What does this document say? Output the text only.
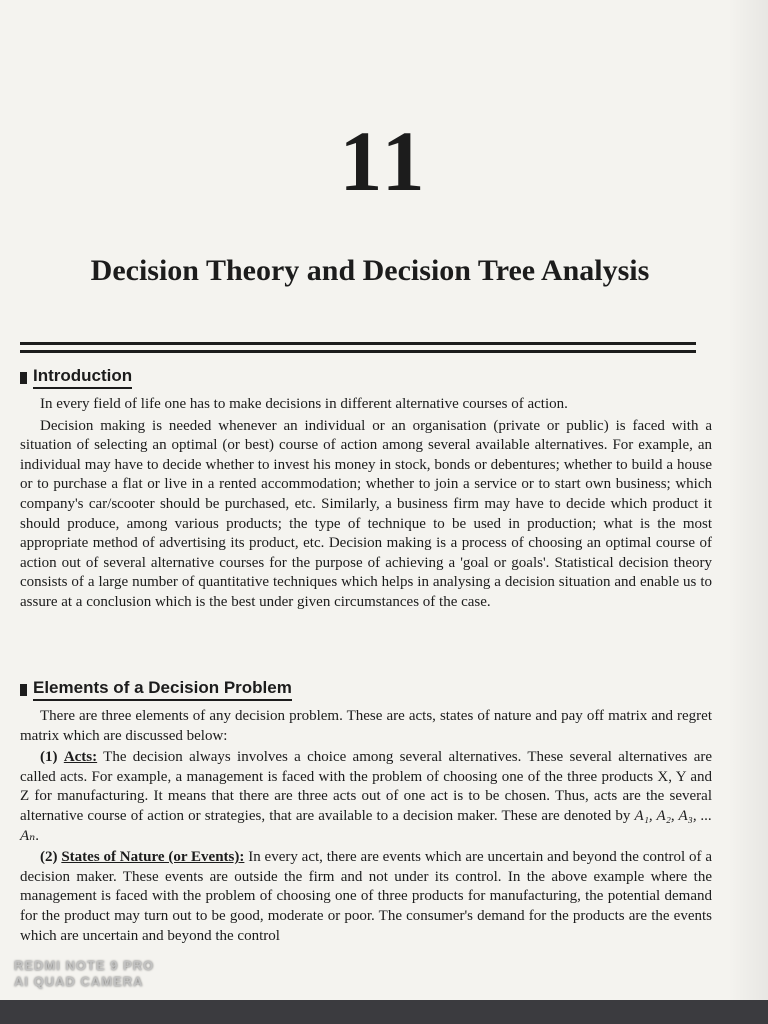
11
Decision Theory and Decision Tree Analysis
Introduction

In every field of life one has to make decisions in different alternative courses of action.

Decision making is needed whenever an individual or an organisation (private or public) is faced with a situation of selecting an optimal (or best) course of action among several available alternatives. For example, an individual may have to decide whether to invest his money in stock, bonds or debentures; whether to build a house or to purchase a flat or live in a rented accommodation; whether to join a service or to start own business; which company's car/scooter should be purchased, etc. Similarly, a business firm may have to decide which product it should produce, among various products; the type of technique to be used in production; what is the most appropriate method of advertising its product, etc. Decision making is a process of choosing an optimal course of action out of several alternative courses for the purpose of achieving a 'goal or goals'. Statistical decision theory consists of a large number of quantitative techniques which helps in analysing a decision situation and enable us to assure at a conclusion which is the best under given circumstances of the case.

Elements of a Decision Problem

There are three elements of any decision problem. These are acts, states of nature and pay off matrix and regret matrix which are discussed below:

(1) Acts: The decision always involves a choice among several alternatives. These several alternatives are called acts. For example, a management is faced with the problem of choosing one of the three products X, Y and Z for manufacturing. It means that there are three acts out of one act is to be chosen. Thus, acts are the several alternative course of action or strategies, that are available to a decision maker. These are denoted by A₁, A₂, A₃, ... Aₙ.

(2) States of Nature (or Events): In every act, there are events which are uncertain and beyond the control of a decision maker. These events are outside the firm and not under its control. In the above example where the management is faced with the problem of choosing one of three products for manufacturing, the potential demand for the product may turn out to be good, moderate or poor. The consumer's demand for the products are the events which are uncertain and beyond the control

REDMI NOTE 9 PRO
AI QUAD CAMERA
